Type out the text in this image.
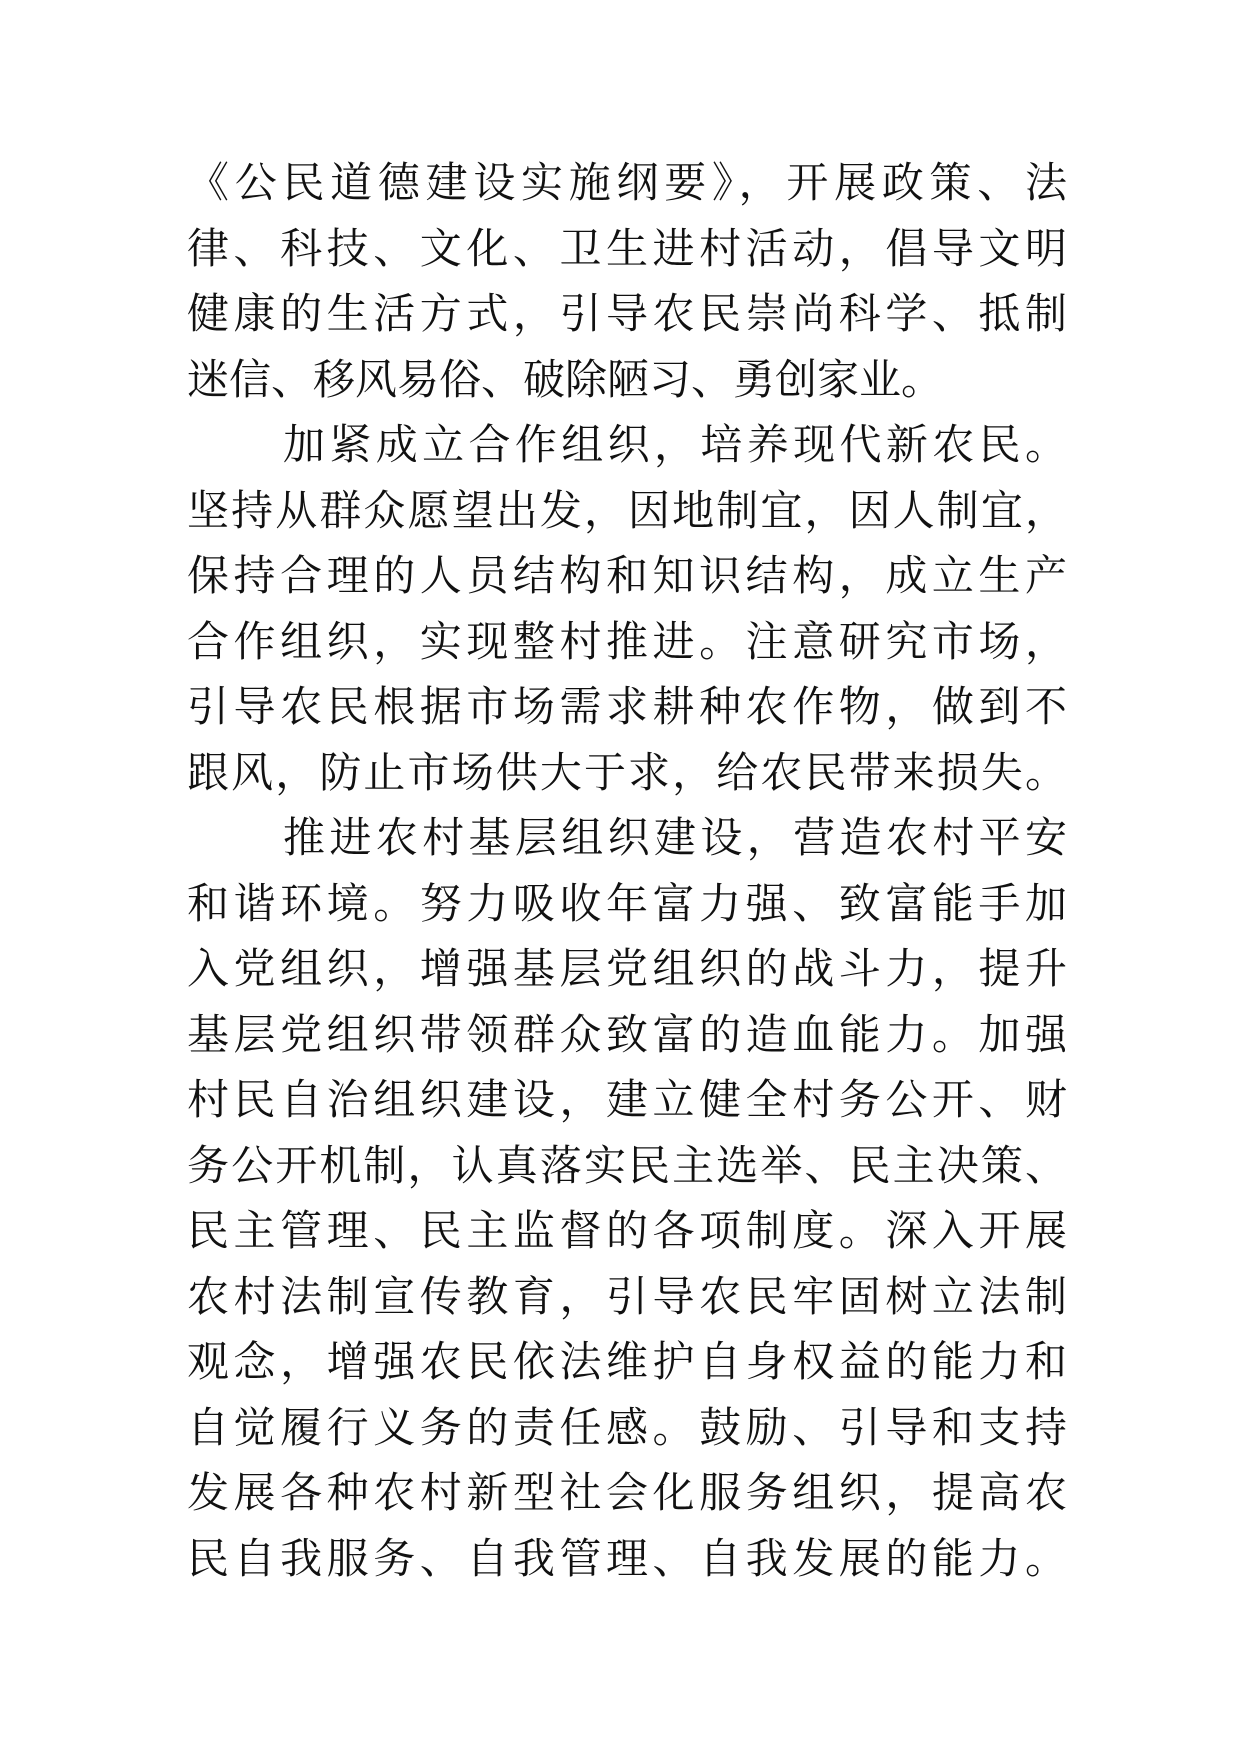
《公民道德建设实施纲要》，开展政策、法
律、科技、文化、卫生进村活动，倡导文明
健康的生活方式，引导农民崇尚科学、抵制
迷信、移风易俗、破除陋习、勇创家业。
加紧成立合作组织，培养现代新农民。
坚持从群众愿望出发，因地制宜，因人制宜，
保持合理的人员结构和知识结构，成立生产
合作组织，实现整村推进。注意研究市场，
引导农民根据市场需求耕种农作物，做到不
跟风，防止市场供大于求，给农民带来损失。
推进农村基层组织建设，营造农村平安
和谐环境。努力吸收年富力强、致富能手加
入党组织，增强基层党组织的战斗力，提升
基层党组织带领群众致富的造血能力。加强
村民自治组织建设，建立健全村务公开、财
务公开机制，认真落实民主选举、民主决策、
民主管理、民主监督的各项制度。深入开展
农村法制宣传教育，引导农民牢固树立法制
观念，增强农民依法维护自身权益的能力和
自觉履行义务的责任感。鼓励、引导和支持
发展各种农村新型社会化服务组织，提高农
民自我服务、自我管理、自我发展的能力。
